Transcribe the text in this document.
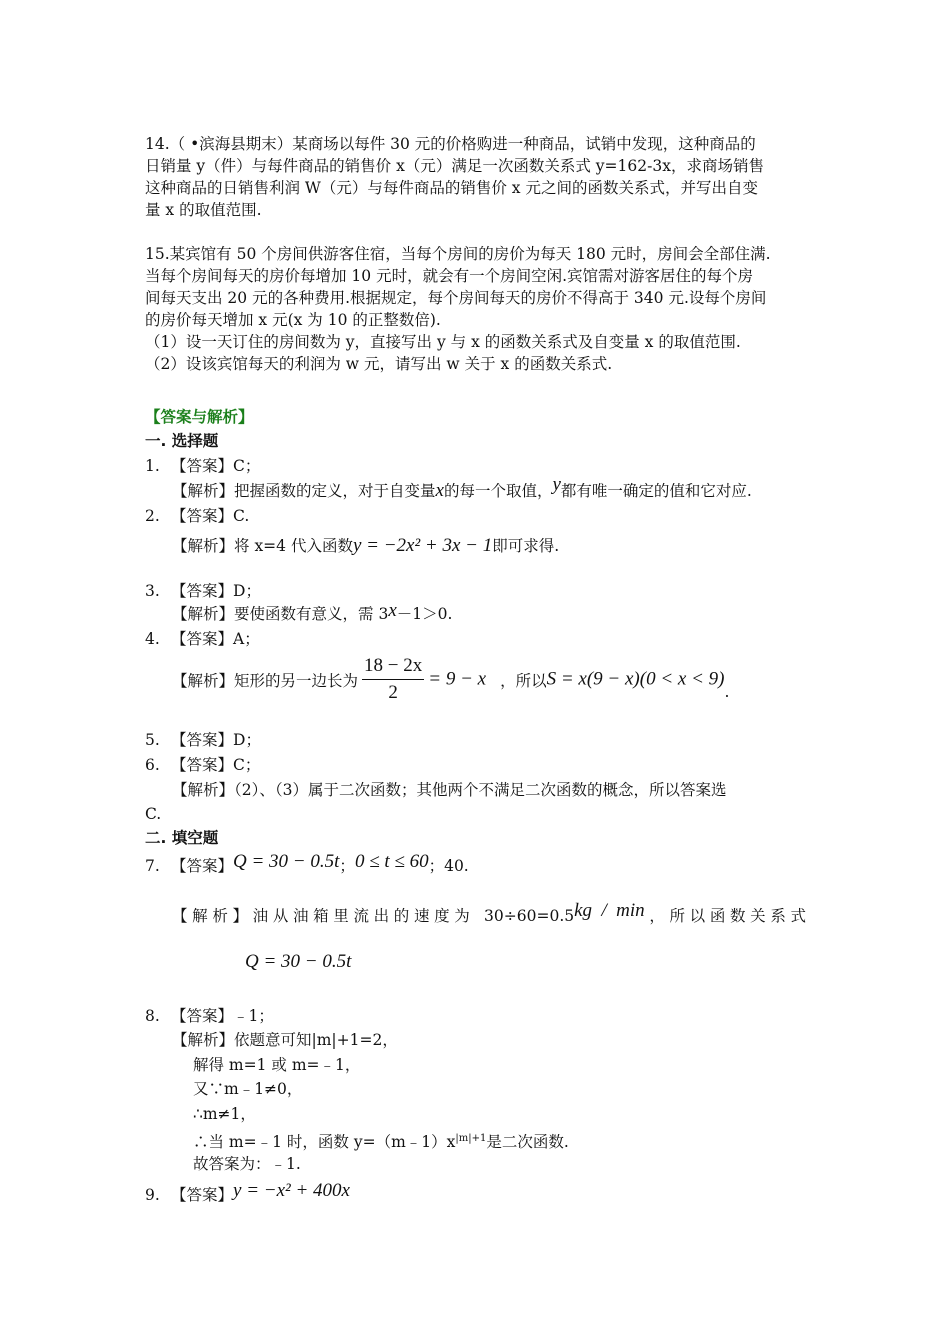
14.（ •滨海县期末）某商场以每件 30 元的价格购进一种商品，试销中发现，这种商品的

日销量 y（件）与每件商品的销售价 x（元）满足一次函数关系式 y=162-3x，求商场销售

这种商品的日销售利润 W（元）与每件商品的销售价 x 元之间的函数关系式，并写出自变

量 x 的取值范围.

15.某宾馆有 50 个房间供游客住宿，当每个房间的房价为每天 180 元时，房间会全部住满.

当每个房间每天的房价每增加 10 元时，就会有一个房间空闲.宾馆需对游客居住的每个房

间每天支出 20 元的各种费用.根据规定，每个房间每天的房价不得高于 340 元.设每个房间

的房价每天增加 x 元(x 为 10 的正整数倍).

（1）设一天订住的房间数为 y，直接写出 y 与 x 的函数关系式及自变量 x 的取值范围.

（2）设该宾馆每天的利润为 w 元，请写出 w 关于 x 的函数关系式.

【答案与解析】

一. 选择题

1. 【答案】C；

【解析】把握函数的定义，对于自变量x的每一个取值，y都有唯一确定的值和它对应.

2. 【答案】C.

【解析】将 x=4 代入函数y = −2x² + 3x − 1即可求得.

3. 【答案】D；

【解析】要使函数有意义，需 3x－1＞0.

4. 【答案】A；

【解析】矩形的另一边长为 $\frac{18 - 2x}{2} = 9 - x$ ，所以S = x(9 − x)(0 < x < 9).

5. 【答案】D；

6. 【答案】C；

【解析】（2）、（3）属于二次函数；其他两个不满足二次函数的概念，所以答案选

C.

二. 填空题

7. 【答案】Q = 30 − 0.5t；0 ≤ t ≤ 60；40.

【解析】油从油箱里流出的速度为 30÷60=0.5kg / min，所以函数关系式

Q = 30 − 0.5t

8. 【答案】﹣1；

【解析】依题意可知|m|+1=2，

解得 m=1 或 m=﹣1，

又∵m﹣1≠0，

∴m≠1，

∴当 m=﹣1 时，函数 $y=(m﹣1)x^{|m|+1}$是二次函数.

故答案为：﹣1.

9. 【答案】y = −x² + 400x
